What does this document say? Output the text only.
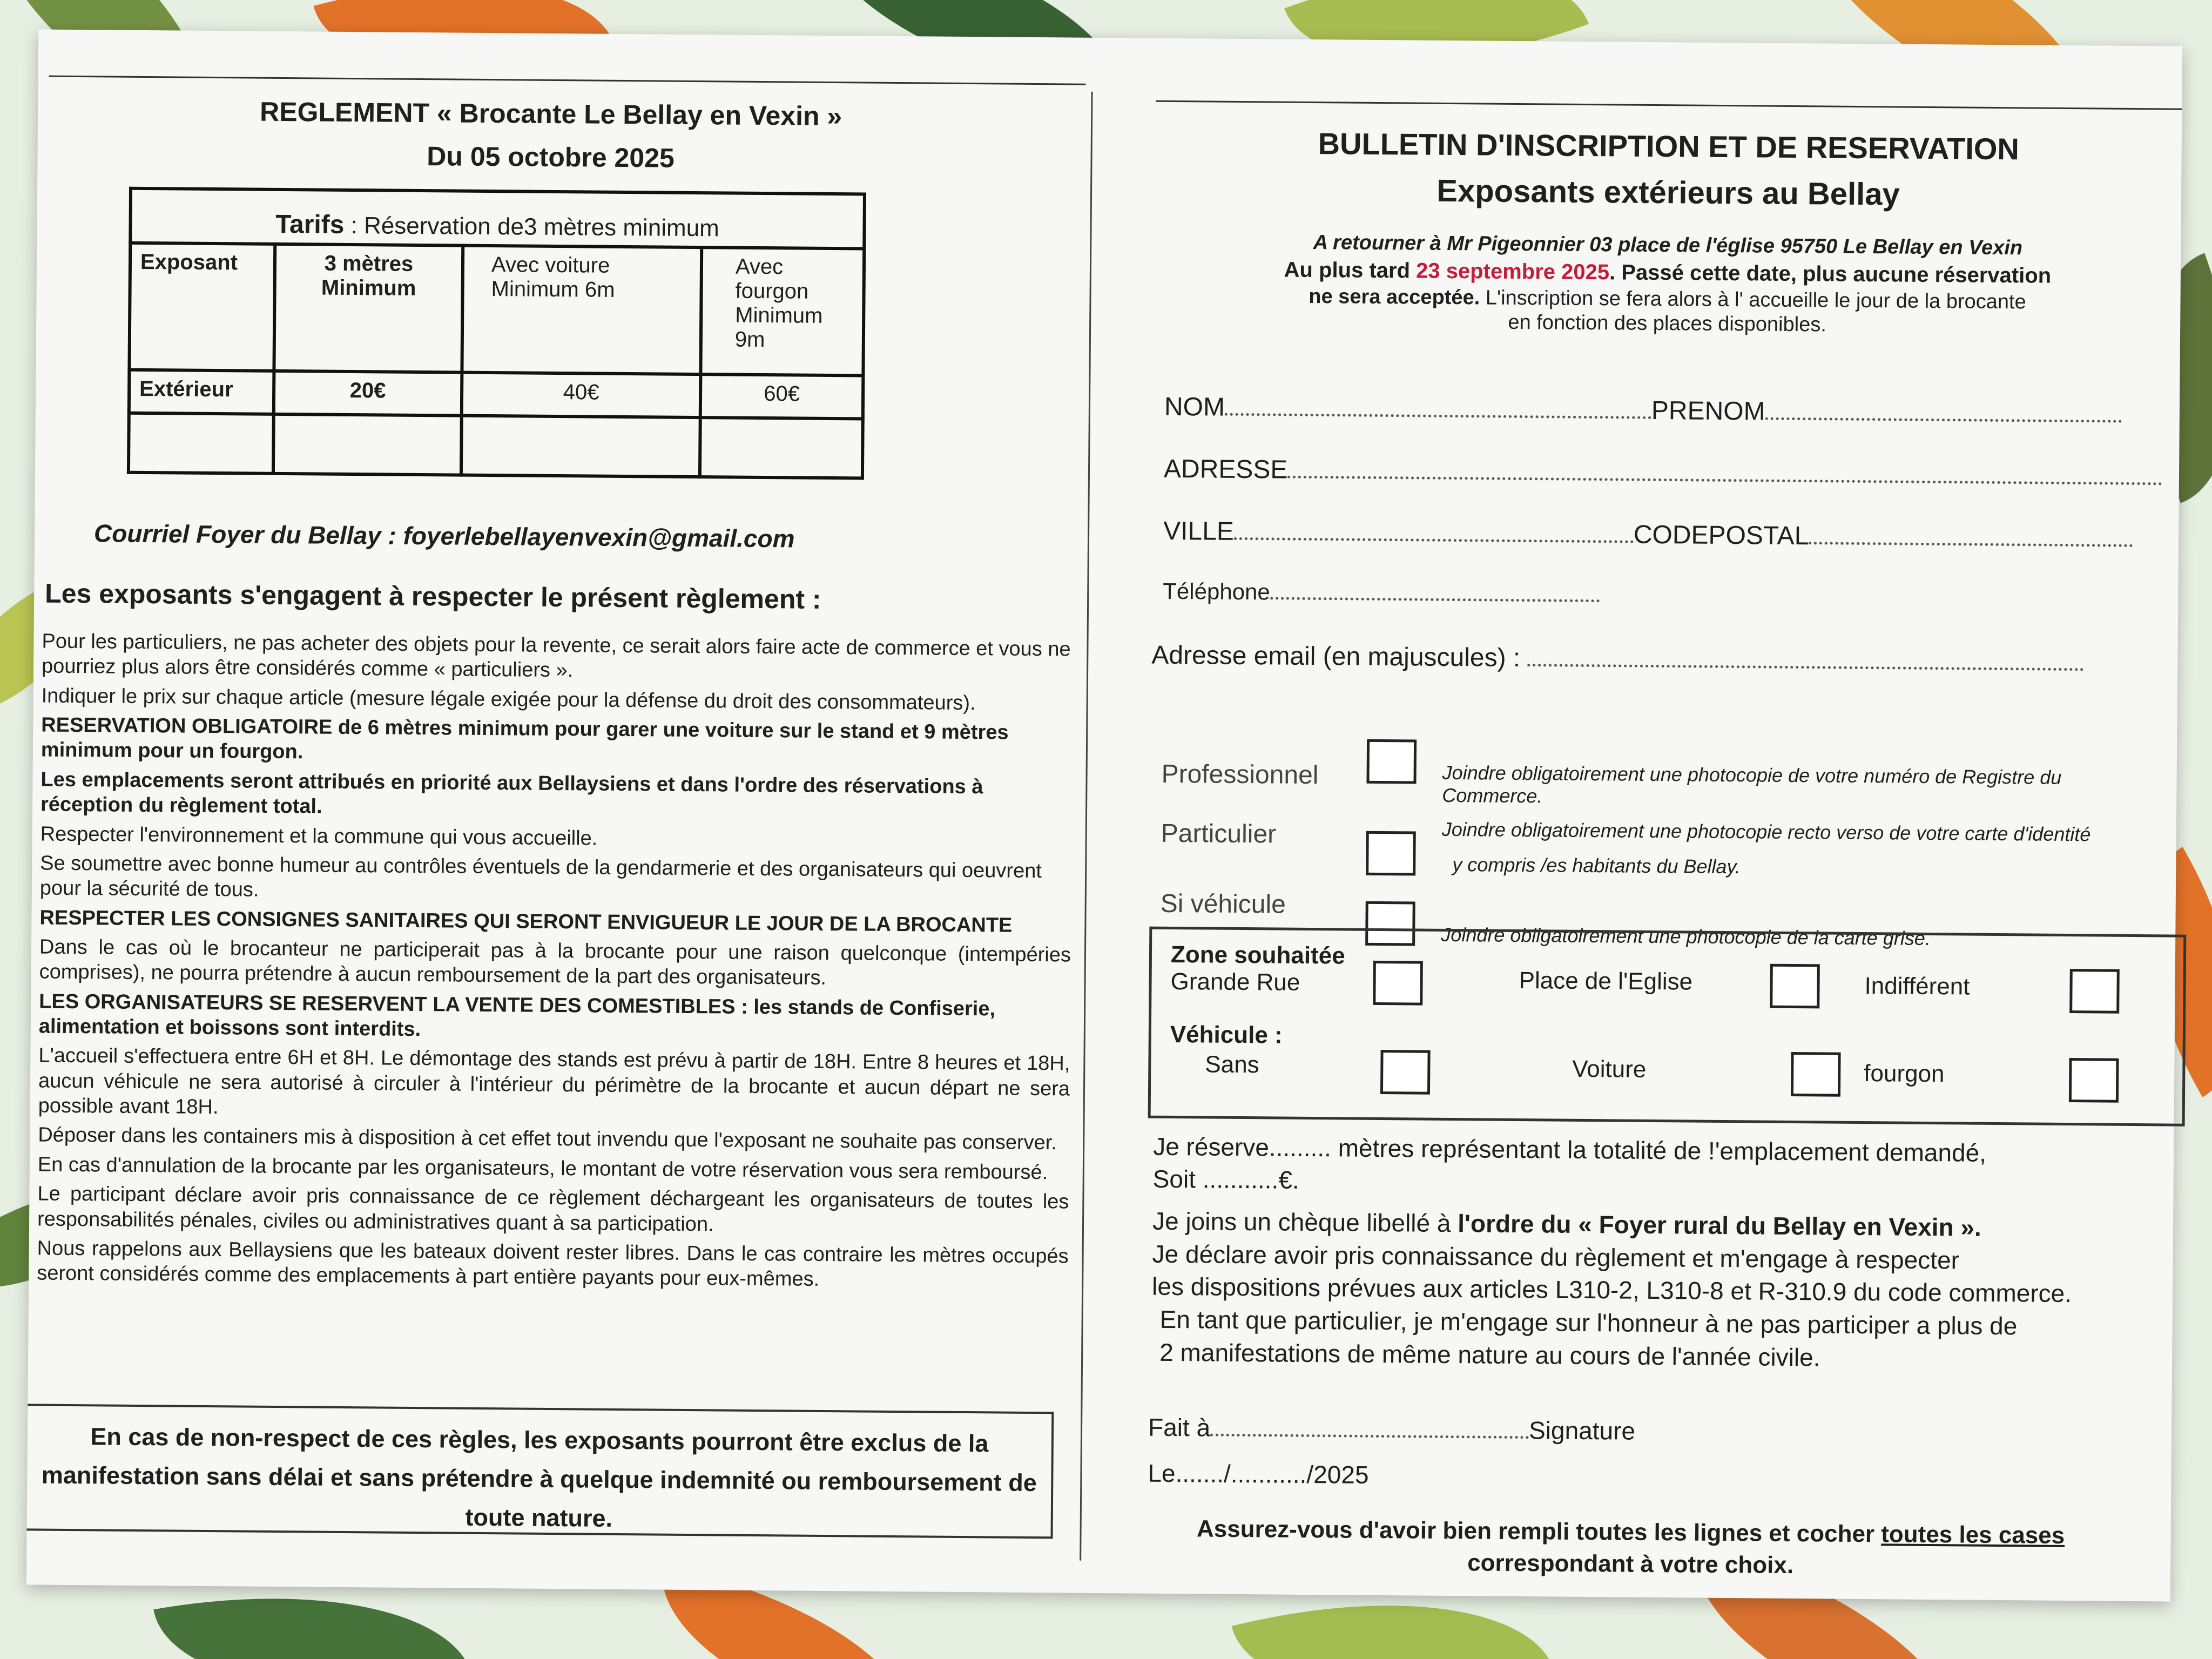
REGLEMENT « Brocante Le Bellay en Vexin »
Du 05 octobre 2025
Tarifs : Réservation de3 mètres minimum			
Exposant	3 mètres Minimum	Avec voiture Minimum 6m	Avec fourgon Minimum 9m
Extérieur	20€	40€	60€

Courriel Foyer du Bellay : foyerlebellayenvexin@gmail.com
Les exposants s'engagent à respecter le présent règlement :

Pour les particuliers, ne pas acheter des objets pour la revente, ce serait alors faire acte de commerce et vous ne pourriez plus alors être considérés comme « particuliers ».

Indiquer le prix sur chaque article (mesure légale exigée pour la défense du droit des consommateurs).

RESERVATION OBLIGATOIRE de 6 mètres minimum pour garer une voiture sur le stand et 9 mètres minimum pour un fourgon.

Les emplacements seront attribués en priorité aux Bellaysiens et dans l'ordre des réservations à réception du règlement total.

Respecter l'environnement et la commune qui vous accueille.

Se soumettre avec bonne humeur au contrôles éventuels de la gendarmerie et des organisateurs qui oeuvrent pour la sécurité de tous.

RESPECTER LES CONSIGNES SANITAIRES QUI SERONT ENVIGUEUR LE JOUR DE LA BROCANTE

Dans le cas où le brocanteur ne participerait pas à la brocante pour une raison quelconque (intempéries comprises), ne pourra prétendre à aucun remboursement de la part des organisateurs.

LES ORGANISATEURS SE RESERVENT LA VENTE DES COMESTIBLES : les stands de Confiserie, alimentation et boissons sont interdits.

L'accueil s'effectuera entre 6H et 8H. Le démontage des stands est prévu à partir de 18H. Entre 8 heures et 18H, aucun véhicule ne sera autorisé à circuler à l'intérieur du périmètre de la brocante et aucun départ ne sera possible avant 18H.

Déposer dans les containers mis à disposition à cet effet tout invendu que l'exposant ne souhaite pas conserver.

En cas d'annulation de la brocante par les organisateurs, le montant de votre réservation vous sera remboursé.

Le participant déclare avoir pris connaissance de ce règlement déchargeant les organisateurs de toutes les responsabilités pénales, civiles ou administratives quant à sa participation.

Nous rappelons aux Bellaysiens que les bateaux doivent rester libres. Dans le cas contraire les mètres occupés seront considérés comme des emplacements à part entière payants pour eux-mêmes.

En cas de non-respect de ces règles, les exposants pourront être exclus de la manifestation sans délai et sans prétendre à quelque indemnité ou remboursement de toute nature.
BULLETIN D'INSCRIPTION ET DE RESERVATION
Exposants extérieurs au Bellay
A retourner à Mr Pigeonnier 03 place de l'église 95750 Le Bellay en Vexin
Au plus tard 23 septembre 2025. Passé cette date, plus aucune réservation
ne sera acceptée. L'inscription se fera alors à l' accueille le jour de la brocante
en fonction des places disponibles.
NOM	PRENOM
ADRESSE
VILLE	CODEPOSTAL
Téléphone
Adresse email (en majuscules) :
Professionnel	Joindre obligatoirement une photocopie de votre numéro de Registre du Commerce.
Particulier	Joindre obligatoirement une photocopie recto verso de votre carte d'identité
y compris /es habitants du Bellay.
Si véhicule
Joindre obligatoirement une photocopie de la carte grise.
Zone souhaitée
Grande Rue	Place de l'Eglise	Indifférent
Véhicule :
Sans	Voiture	fourgon
Je réserve......... mètres représentant la totalité de !'emplacement demandé,
Soit ...........€.
Je joins un chèque libellé à l'ordre du « Foyer rural du Bellay en Vexin ».
Je déclare avoir pris connaissance du règlement et m'engage à respecter
les dispositions prévues aux articles L310-2, L310-8 et R-310.9 du code commerce.
En tant que particulier, je m'engage sur l'honneur à ne pas participer a plus de
2 manifestations de même nature au cours de l'année civile.
Fait à	Signature
Le......./.........../2025
Assurez-vous d'avoir bien rempli toutes les lignes et cocher toutes les cases
correspondant à votre choix.
